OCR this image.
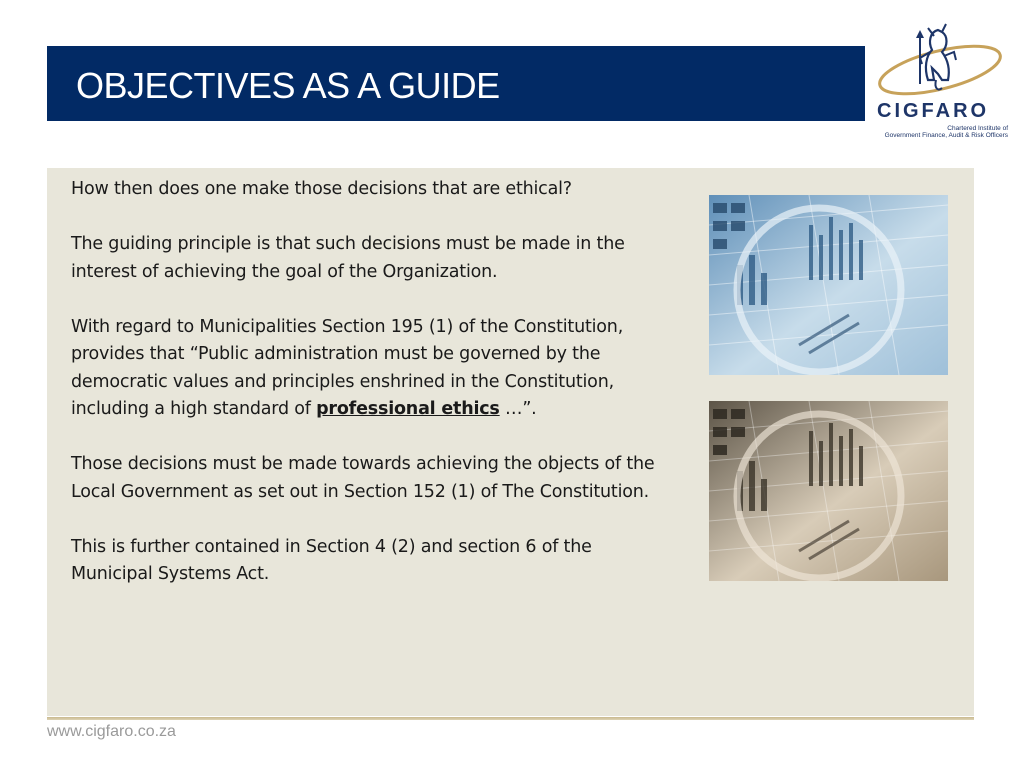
OBJECTIVES AS A GUIDE
CIGFARO
Chartered Institute of
Government Finance, Audit & Risk Officers

How then does one make those decisions that are ethical?

The guiding principle is that such decisions must be made in the interest of achieving the goal of the Organization.

With regard to Municipalities Section 195 (1) of the Constitution, provides that “Public administration must be governed by the democratic values and principles enshrined in the Constitution, including a high standard of professional ethics …”.

Those decisions must be made towards achieving the objects of the Local Government as set out in Section 152 (1) of The Constitution.

This is further contained in Section 4 (2) and section 6 of the Municipal Systems Act.

www.cigfaro.co.za
